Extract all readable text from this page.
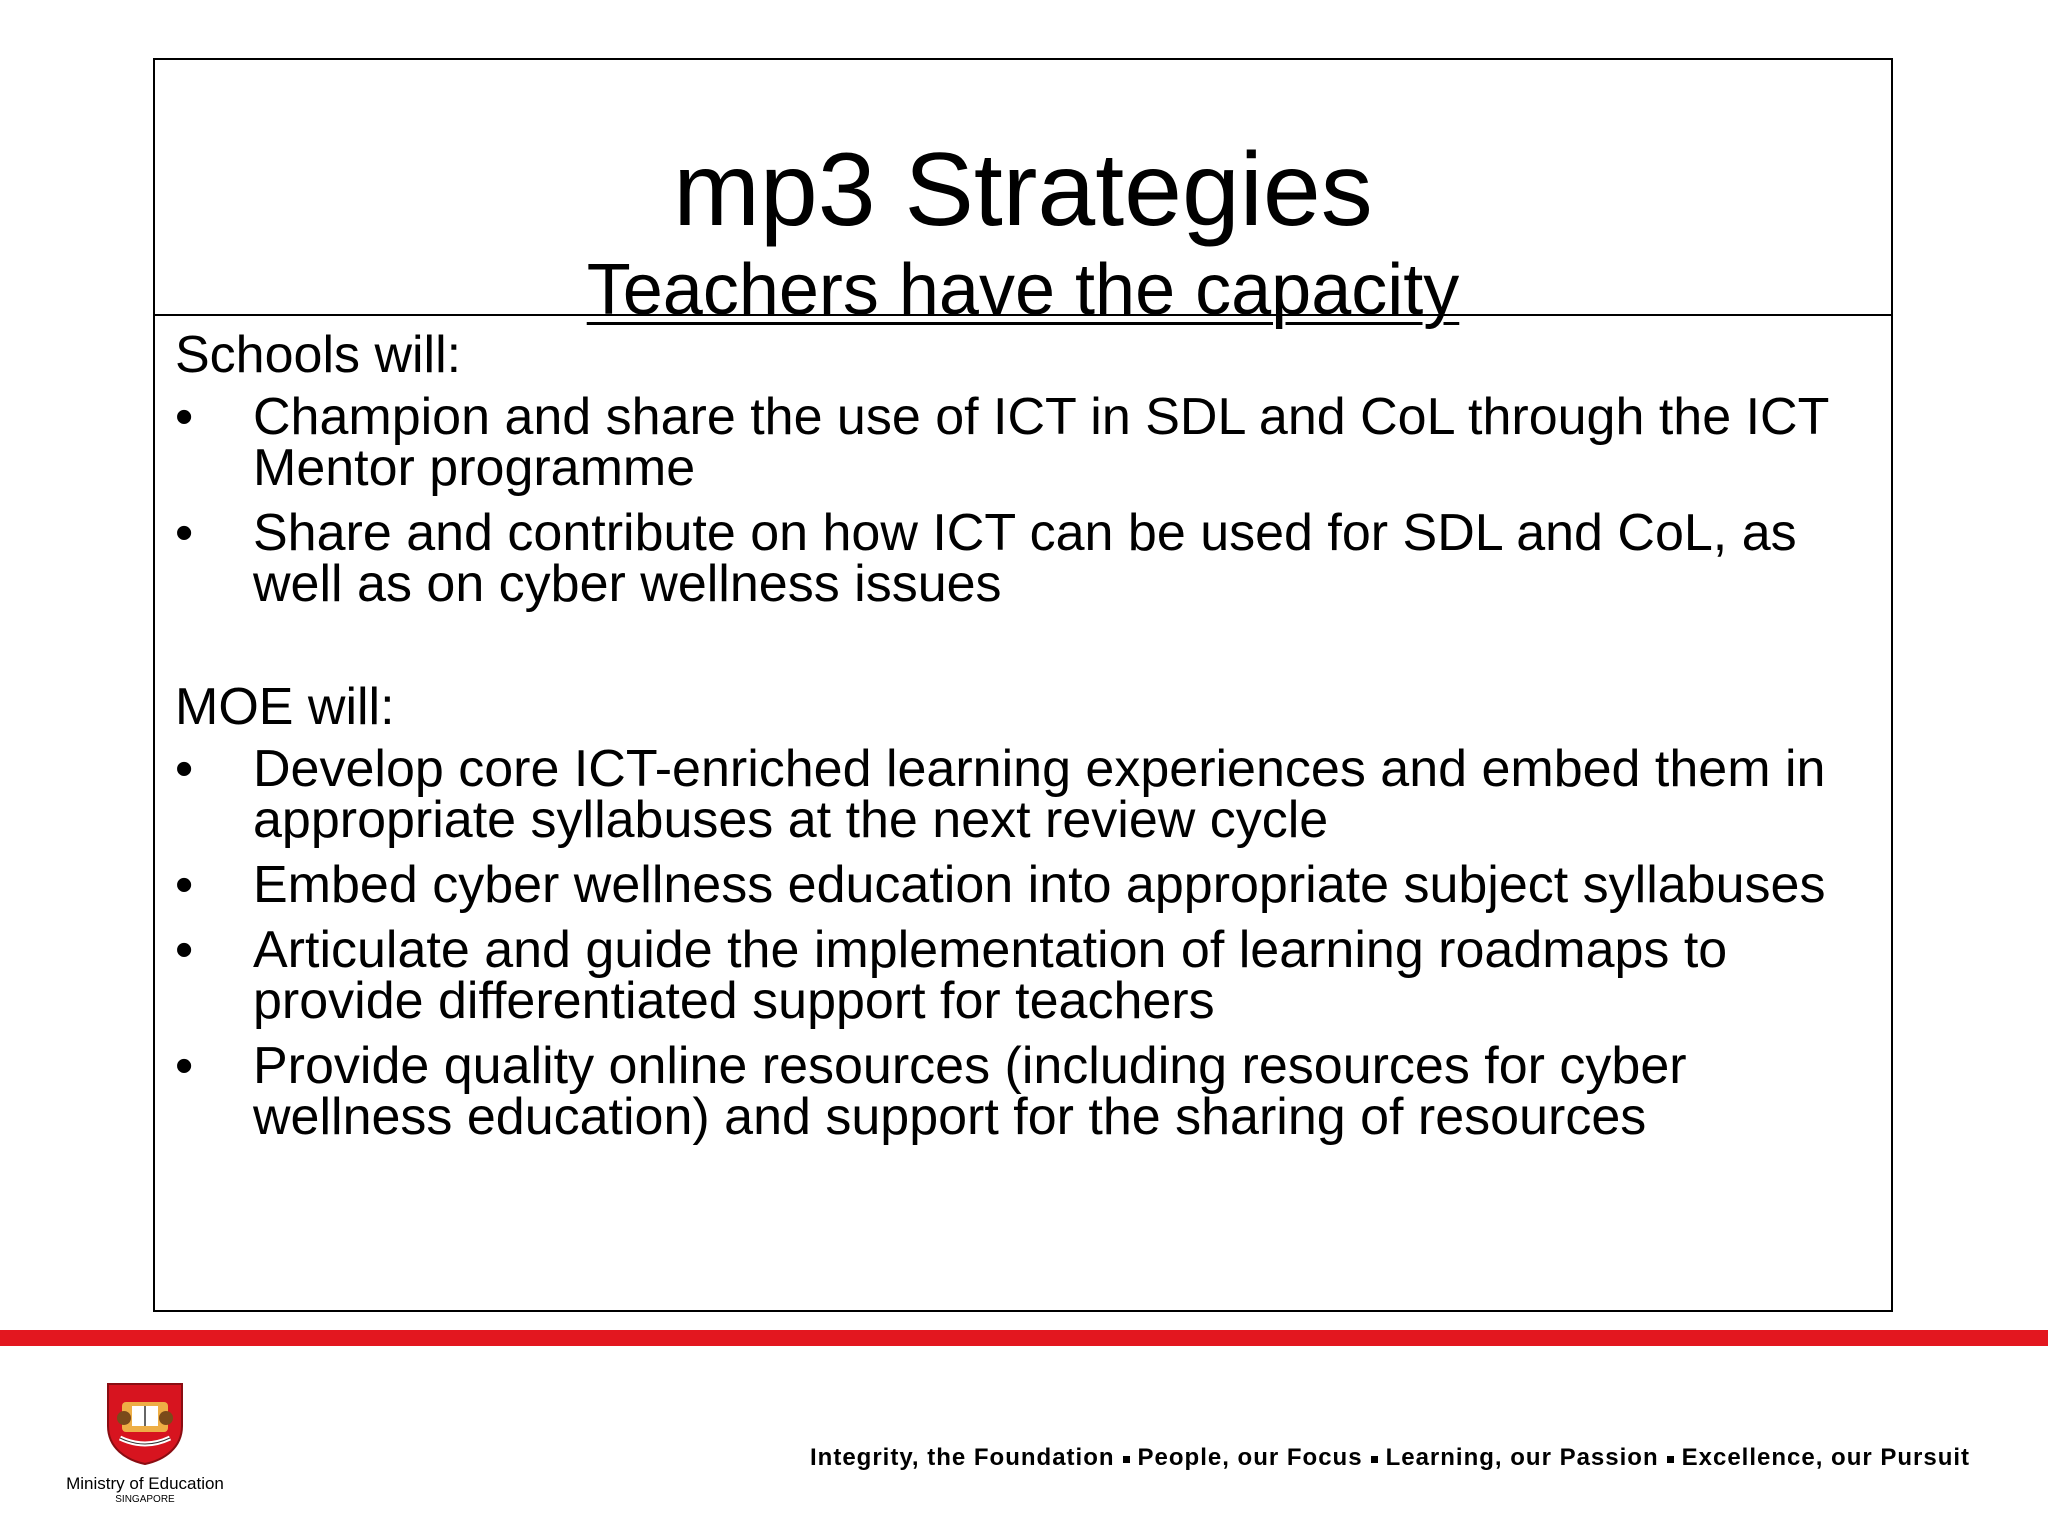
mp3 Strategies
Teachers have the capacity

Schools will:

•	Champion and share the use of ICT in SDL and CoL through the ICT Mentor programme
•	Share and contribute on how ICT can be used for SDL and CoL, as well as on cyber wellness issues

MOE will:

•	Develop core ICT-enriched learning experiences and embed them in appropriate syllabuses at the next review cycle
•	Embed cyber wellness education into appropriate subject syllabuses
•	Articulate and guide the implementation of learning roadmaps to provide differentiated support for teachers
•	Provide quality online resources (including resources for cyber wellness education) and support for the sharing of resources
Ministry of Education
SINGAPORE
Integrity, the Foundation People, our Focus Learning, our Passion Excellence, our Pursuit
